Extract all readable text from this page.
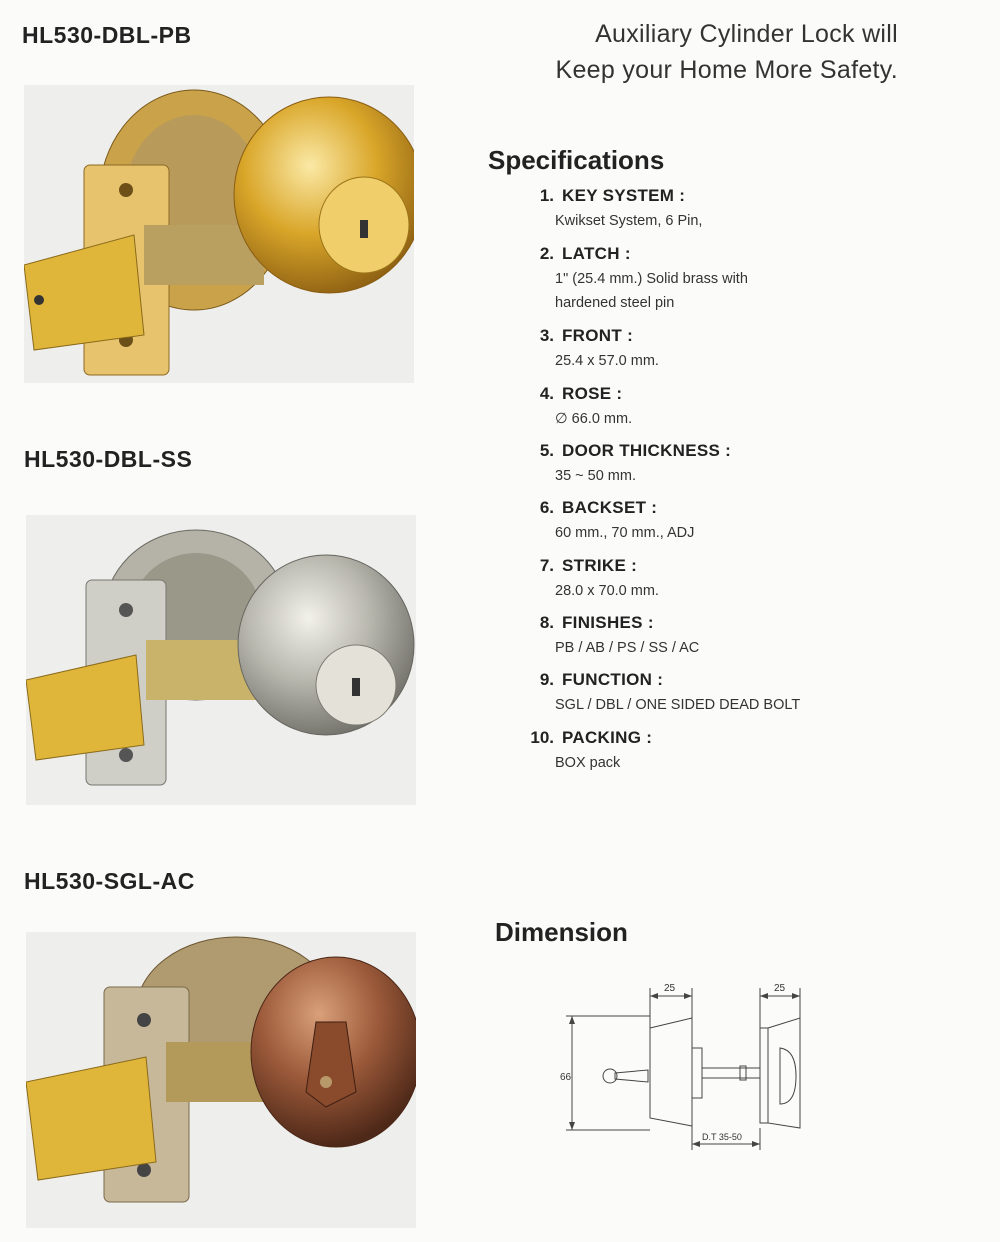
Auxiliary Cylinder Lock will
Keep your Home More Safety.
HL530-DBL-PB
HL530-DBL-SS
HL530-SGL-AC
Specifications
1. KEY SYSTEM :
Kwikset System, 6 Pin,
2. LATCH :
1" (25.4 mm.) Solid brass with
hardened steel pin
3. FRONT :
25.4 x 57.0 mm.
4. ROSE :
∅ 66.0 mm.
5. DOOR THICKNESS :
35 ~ 50 mm.
6. BACKSET :
60 mm., 70 mm., ADJ
7. STRIKE :
28.0 x 70.0 mm.
8. FINISHES :
PB / AB / PS / SS / AC
9. FUNCTION :
SGL / DBL / ONE SIDED DEAD BOLT
10. PACKING :
BOX pack
Dimension
25	25
66
D.T 35-50
